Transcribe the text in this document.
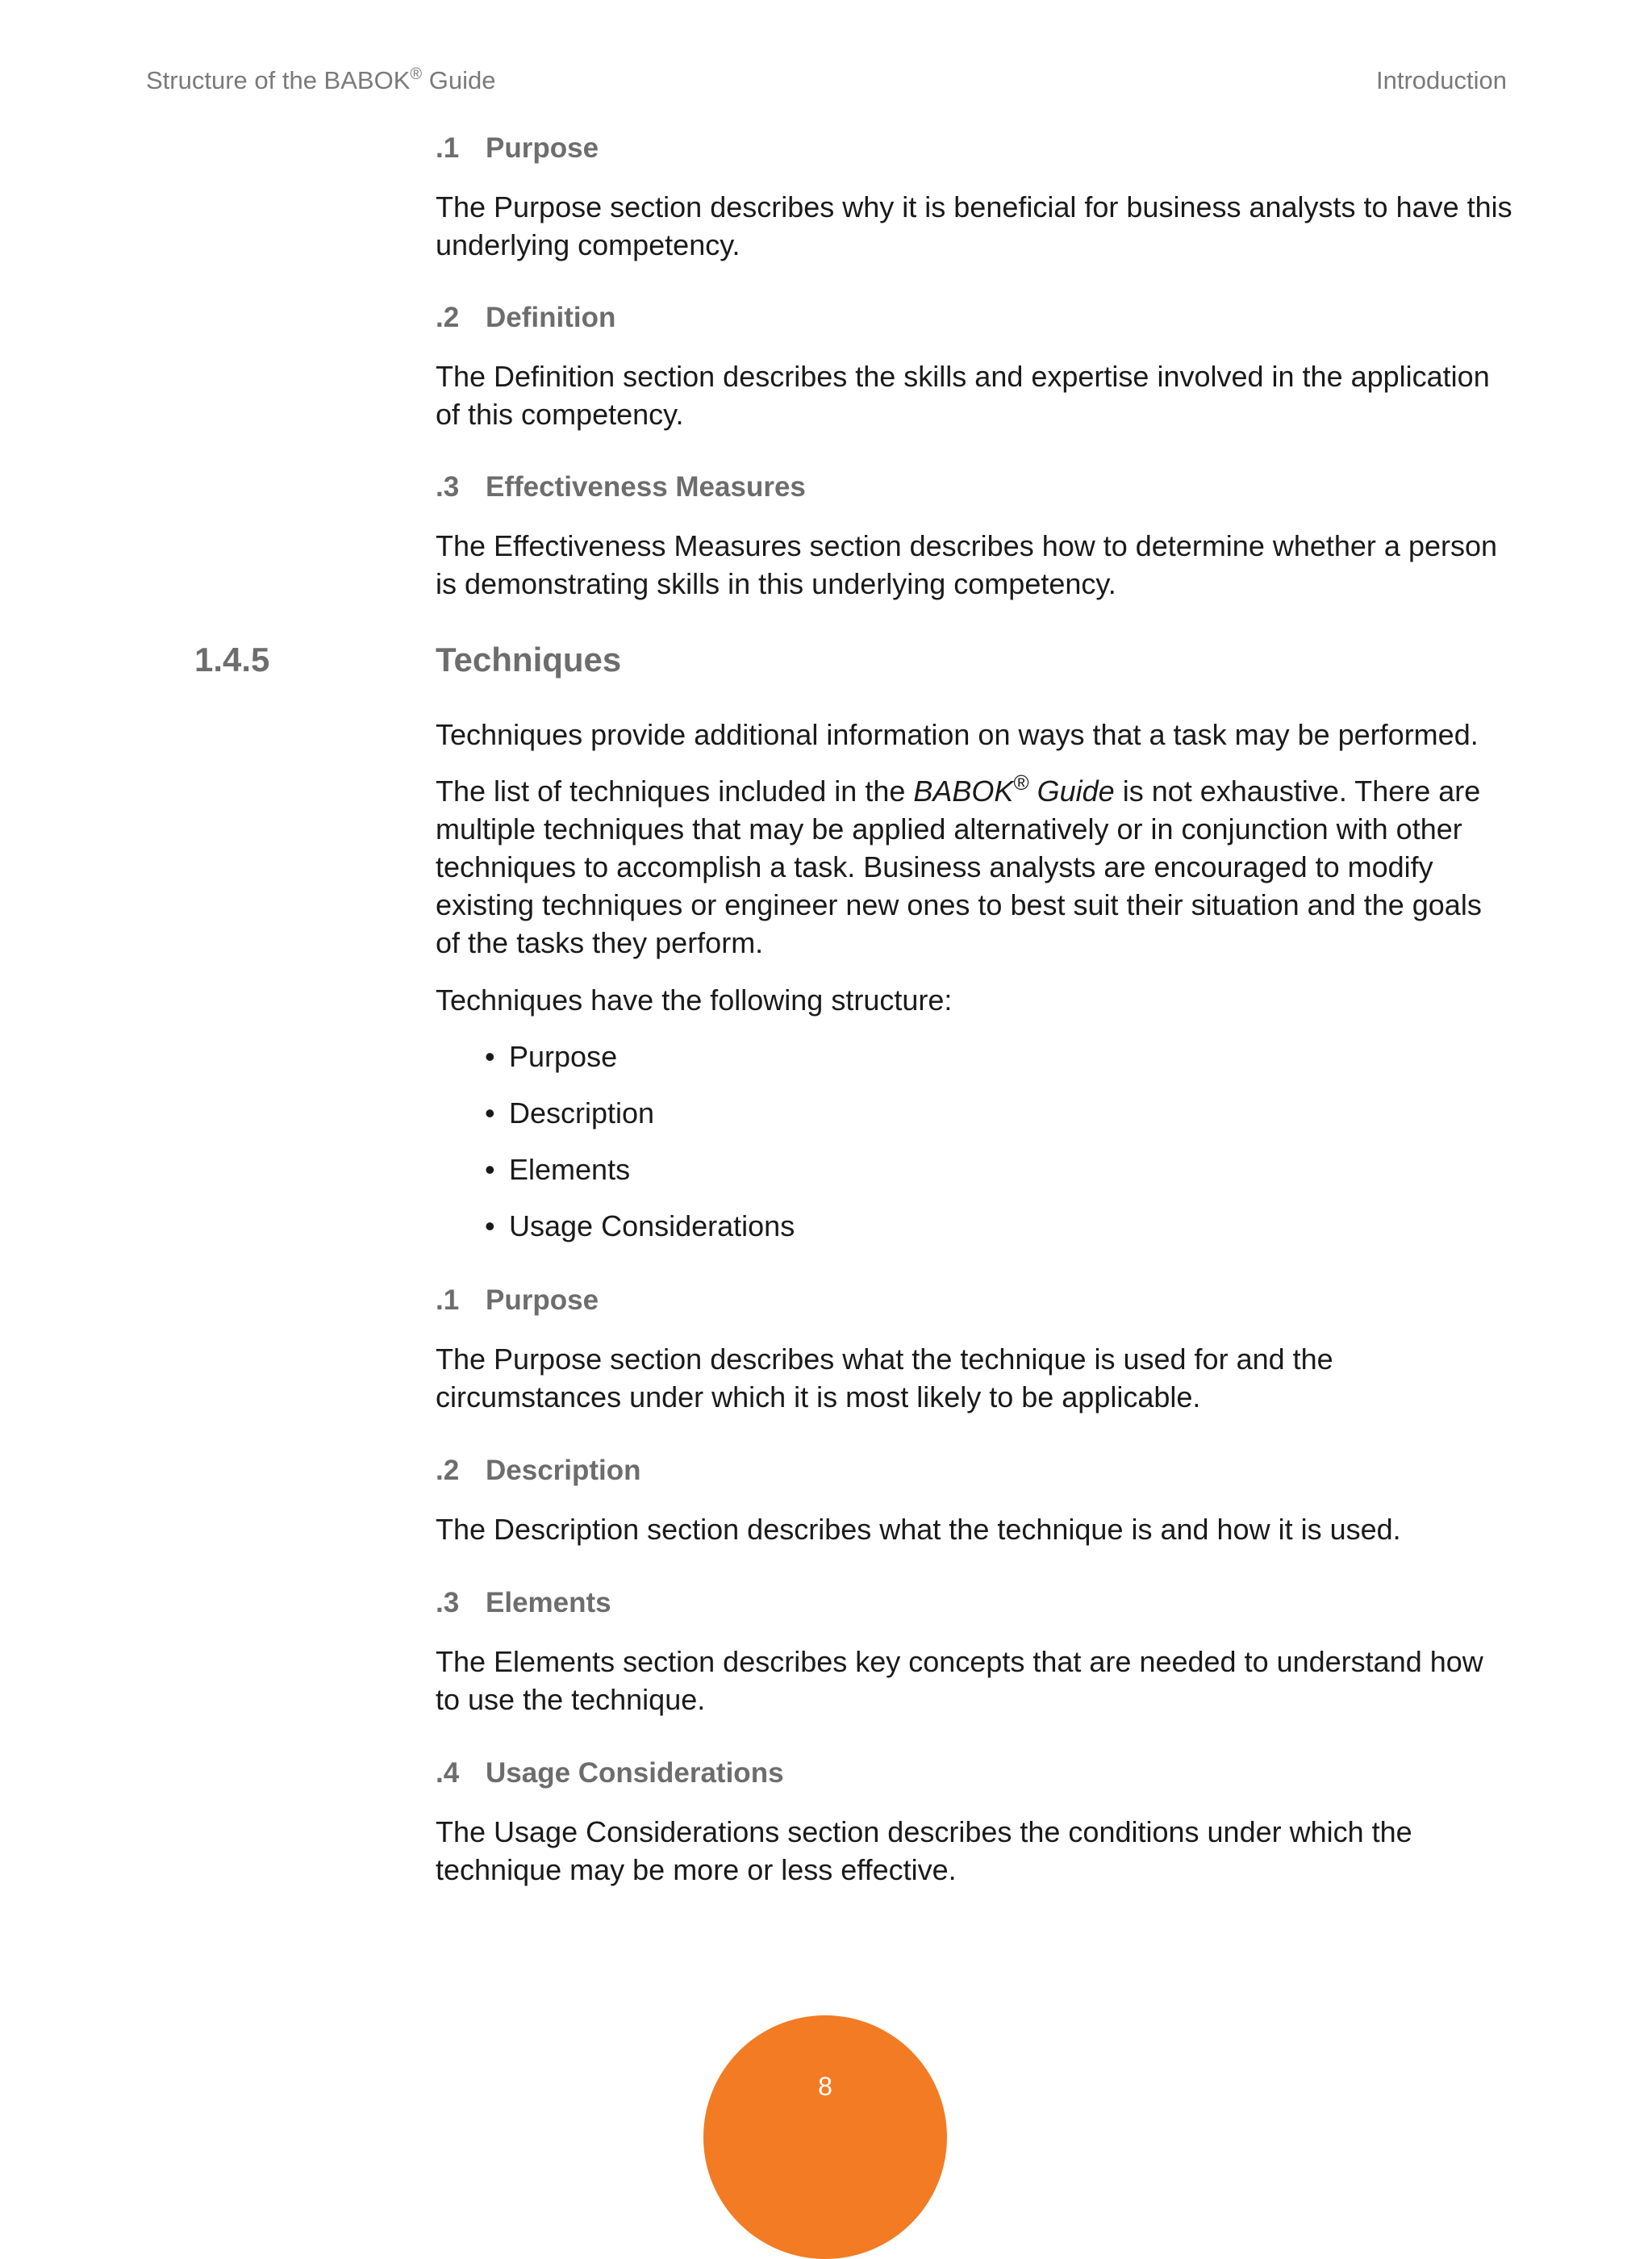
Structure of the BABOK® Guide	Introduction
1.4.5
.1 Purpose
The Purpose section describes why it is beneficial for business analysts to have this
underlying competency.
.2 Definition
The Definition section describes the skills and expertise involved in the application
of this competency.
.3 Effectiveness Measures
The Effectiveness Measures section describes how to determine whether a person
is demonstrating skills in this underlying competency.
Techniques
Techniques provide additional information on ways that a task may be performed.
The list of techniques included in the BABOK® Guide is not exhaustive. There are
multiple techniques that may be applied alternatively or in conjunction with other
techniques to accomplish a task. Business analysts are encouraged to modify
existing techniques or engineer new ones to best suit their situation and the goals
of the tasks they perform.
Techniques have the following structure:
• Purpose
• Description
• Elements
• Usage Considerations
.1 Purpose
The Purpose section describes what the technique is used for and the
circumstances under which it is most likely to be applicable.
.2 Description
The Description section describes what the technique is and how it is used.
.3 Elements
The Elements section describes key concepts that are needed to understand how
to use the technique.
.4 Usage Considerations
The Usage Considerations section describes the conditions under which the
technique may be more or less effective.
8
